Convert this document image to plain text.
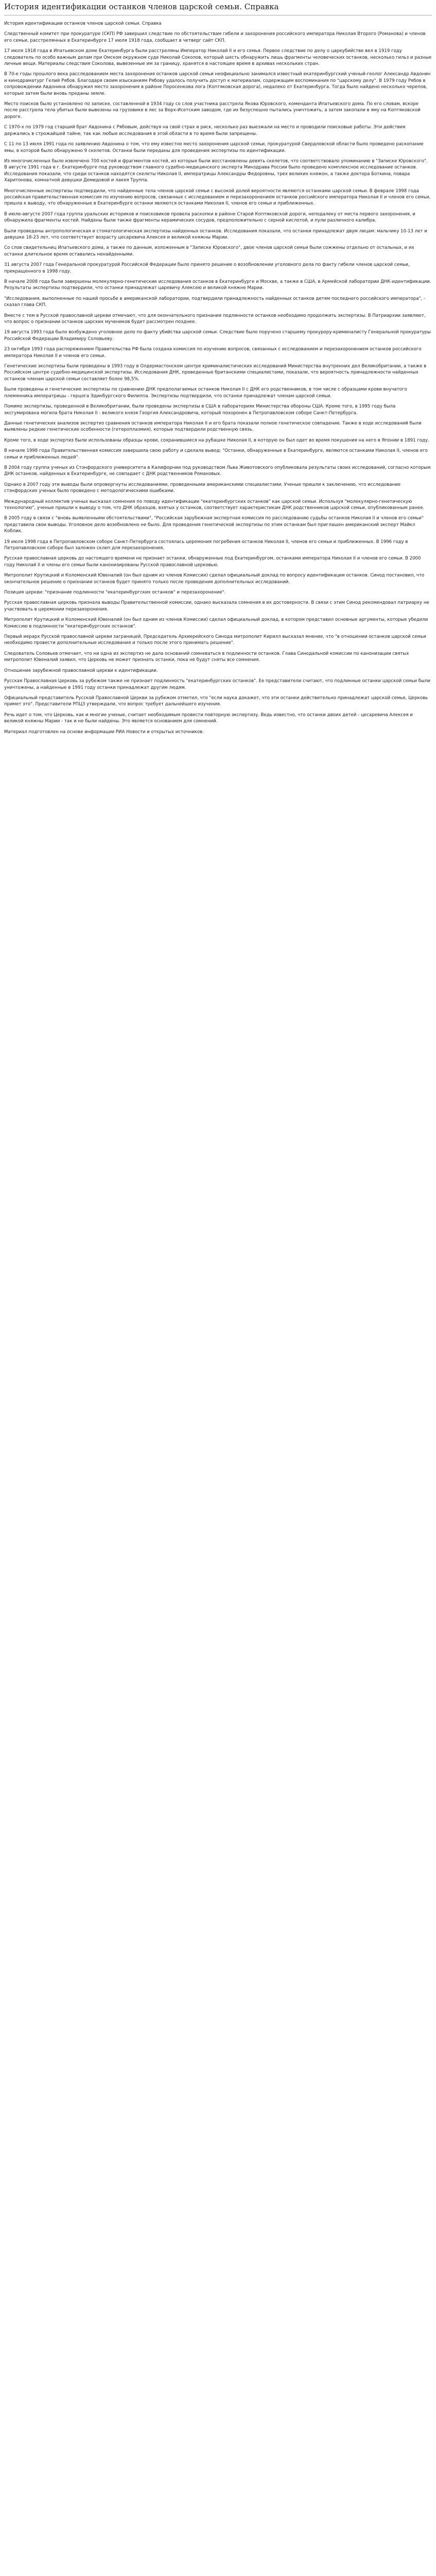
История идентификации останков членов царской семьи. Справка

История идентификации останков членов царской семьи. Справка

Следственный комитет при прокуратуре (СКП) РФ завершил следствие по обстоятельствам гибели и захоронения российского императора Николая Второго (Романова) и членов его семьи, расстрелянных в Екатеринбурге 17 июля 1918 года, сообщает в четверг сайт СКП.

17 июля 1918 года в Ипатьевском доме Екатеринбурга были расстреляны Император Николай II и его семья. Первое следствие по делу о цареубийстве вел в 1919 году следователь по особо важным делам при Омском окружном суде Николай Соколов, который шесть обнаружить лишь фрагменты человеческих останков, несколько гильз и разные личные вещи. Материалы следствия Соколова, вывезенные им за границу, хранятся в настоящее время в архивах нескольких стран.

В 70-е годы прошлого века расследованием места захоронения останков царской семьи неофициально занимался известный екатеринбургский ученый-геолог Александр Авдонин и кинодраматург Гелий Рябов. Благодаря своим изысканиям Рябову удалось получить доступ к материалам, содержащим воспоминания по "царскому делу". В 1979 году Рябов в сопровождении Авдонина обнаружил место захоронения в районе Поросенкова лога (Коптяковская дорога), недалеко от Екатеринбурга. Тогда было найдено несколько черепов, которые затем были вновь преданы земле.

Место поисков было установлено по записке, составленной в 1934 году со слов участника расстрела Якова Юровского, коменданта Ипатьевского дома. По его словам, вскоре после расстрела тела убитых были вывезены на грузовике в лес за Верх-Исетским заводом, где их безуспешно пытались уничтожить, а затем закопали в яму на Коптяковской дороге.

С 1970-х по 1979 год старший брат Авдонина с Рябовым, действуя на свой страх и риск, несколько раз выезжали на место и проводили поисковые работы. Эти действия держались в строжайшей тайне, так как любые исследования в этой области в то время были запрещены.

С 11 по 13 июля 1991 года по заявлению Авдонина о том, что ему известно место захоронения царской семьи, прокуратурой Свердловской области было проведено раскопание ямы, в которой было обнаружено 9 скелетов. Останки были переданы для проведения экспертизы по идентификации.

Из многочисленных было извлечено 700 костей и фрагментов костей, из которых были восстановлены девять скелетов, что соответствовало упоминанию в "Записке Юровского". В августе 1991 года в г. Екатеринбурге под руководством главного судебно-медицинского эксперта Минздрава России было проведено комплексное исследование останков. Исследования показали, что среди останков находятся скелеты Николая II, императрицы Александры Федоровны, трех великих княжон, а также доктора Боткина, повара Харитонова, комнатной девушки Демидовой и лакея Труппа.

Многочисленные экспертизы подтвердили, что найденные тела членов царской семьи с высокой долей вероятности являются останками царской семьи. В феврале 1998 года российская правительственная комиссия по изучению вопросов, связанных с исследованием и перезахоронением останков российского императора Николая II и членов его семьи, пришла к выводу, что обнаруженные в Екатеринбурге останки являются останками Николая II, членов его семьи и приближенных.

В июле-августе 2007 года группа уральских историков и поисковиков провела раскопки в районе Старой Коптяковской дороги, неподалеку от места первого захоронения, и обнаружила фрагменты костей. Найдены были также фрагменты керамических сосудов, предположительно с серной кислотой, и пули различного калибра.

Были проведены антропологическая и стоматологическая экспертизы найденных останков. Исследования показали, что останки принадлежат двум лицам: мальчику 10-13 лет и девушке 18-23 лет, что соответствует возрасту цесаревича Алексея и великой княжны Марии.

Со слов свидетельниц Ипатьевского дома, а также по данным, изложенным в "Записке Юровского", двое членов царской семьи были сожжены отдельно от остальных, и их останки длительное время оставались ненайденными.

31 августа 2007 года Генеральной прокуратурой Российской Федерации было принято решение о возобновлении уголовного дела по факту гибели членов царской семьи, прекращенного в 1998 году.

В начале 2008 года были завершены молекулярно-генетические исследования останков в Екатеринбурге и Москве, а также в США, в Армейской лаборатории ДНК-идентификации. Результаты экспертизы подтвердили, что останки принадлежат царевичу Алексею и великой княжне Марии.

"Исследования, выполненные по нашей просьбе в американской лаборатории, подтвердили принадлежность найденных останков детям последнего российского императора", - сказал глава СКП.

Вместе с тем в Русской православной церкви отмечают, что для окончательного признания подлинности останков необходимо продолжить экспертизы. В Патриархии заявляют, что вопрос о признании останков царских мучеников будет рассмотрен позднее.

19 августа 1993 года было возбуждено уголовное дело по факту убийства царской семьи. Следствие было поручено старшему прокурору-криминалисту Генеральной прокуратуры Российской Федерации Владимиру Соловьеву.

23 октября 1993 года распоряжением Правительства РФ была создана комиссия по изучению вопросов, связанных с исследованием и перезахоронением останков российского императора Николая II и членов его семьи.

Генетические экспертизы были проведены в 1993 году в Олдермастонском центре криминалистических исследований Министерства внутренних дел Великобритании, а также в Российском центре судебно-медицинской экспертизы. Исследования ДНК, проведенные британскими специалистами, показали, что вероятность принадлежности найденных останков членам царской семьи составляет более 98,5%.

Были проведены и генетические экспертизы по сравнению ДНК предполагаемых останков Николая II с ДНК его родственников, в том числе с образцами крови внучатого племянника императрицы - герцога Эдинбургского Филиппа. Экспертизы подтвердили, что останки принадлежат членам царской семьи.

Помимо экспертизы, проведенной в Великобритании, были проведены экспертизы в США в лабораториях Министерства обороны США. Кроме того, в 1995 году была эксгумирована могила брата Николая II - великого князя Георгия Александровича, который похоронен в Петропавловском соборе Санкт-Петербурга.

Данные генетических анализов экспертиз сравнения останков императора Николая II и его брата показали полное генетическое совпадение. Также в ходе исследований были выявлены редкие генетические особенности (гетероплазмия), которые подтвердили родственную связь.

Кроме того, в ходе экспертиз были использованы образцы крови, сохранившиеся на рубашке Николая II, в которую он был одет во время покушения на него в Японии в 1891 году.

В начале 1998 года Правительственная комиссия завершила свою работу и сделала вывод: "Останки, обнаруженные в Екатеринбурге, являются останками Николая II, членов его семьи и приближенных людей".

В 2004 году группа ученых из Стэнфордского университета в Калифорнии под руководством Льва Животовского опубликовала результаты своих исследований, согласно которым ДНК останков, найденных в Екатеринбурге, не совпадает с ДНК родственников Романовых.

Однако в 2007 году эти выводы были опровергнуты исследованиями, проведенными американскими специалистами. Ученые пришли к заключению, что исследование стэнфордских ученых было проведено с методологическими ошибками.

Международный коллектив ученых высказал сомнения по поводу идентификации "екатеринбургских останков" как царской семьи. Используя "молекулярно-генетическую технологию", ученые пришли к выводу о том, что ДНК образцов, взятых у останков, соответствует характеристикам ДНК родственников царской семьи, опубликованным ранее.

В 2005 году в связи с "вновь выявленными обстоятельствами", "Российская зарубежная экспертная комиссия по расследованию судьбы останков Николая II и членов его семьи" представила свои выводы. Уголовное дело возобновлено не было. Для проведения генетической экспертизы по этим останкам был приглашен американский эксперт Майкл Коблик.

19 июля 1998 года в Петропавловском соборе Санкт-Петербурга состоялась церемония погребения останков Николая II, членов его семьи и приближенных. В 1996 году в Петропавловском соборе был заложен склеп для перезахоронения.

Русская православная церковь до настоящего времени не признает останки, обнаруженные под Екатеринбургом, останками императора Николая II и членов его семьи. В 2000 году Николай II и члены его семьи были канонизированы Русской православной церковью.

Митрополит Крутицкий и Коломенский Ювеналий (он был одним из членов Комиссии) сделал официальный доклад по вопросу идентификации останков. Синод постановил, что окончательное решение о признании останков будет принято только после проведения дополнительных исследований.

Позиция церкви: "признание подлинности "екатеринбургских останков" и перезахоронение".

Русская православная церковь признала выводы Правительственной комиссии, однако высказала сомнения в их достоверности. В связи с этим Синод рекомендовал патриарху не участвовать в церемонии перезахоронения.

Митрополит Крутицкий и Коломенский Ювеналий (он был одним из членов Комиссии) сделал официальный доклад, в котором представил основные аргументы, которые убедили Комиссию в подлинности "екатеринбургских останков".

Первый иерарх Русской православной церкви заграницей, Председатель Архиерейского Синода митрополит Кирилл высказал мнение, что "в отношении останков царской семьи необходимо провести дополнительные исследования и только после этого принимать решение".

Следователь Соловьев отмечает, что ни одна из экспертиз не дала оснований сомневаться в подлинности останков. Глава Синодальной комиссии по канонизации святых митрополит Ювеналий заявил, что Церковь не может признать останки, пока не будут сняты все сомнения.

Отношение зарубежной православной церкви к идентификации.

Русская Православная Церковь за рубежом также не признает подлинность "екатеринбургских останков". Ее представители считают, что подлинные останки царской семьи были уничтожены, а найденные в 1991 году останки принадлежат другим людям.

Официальный представитель Русской Православной Церкви за рубежом отметил, что "если наука докажет, что эти останки действительно принадлежат царской семье, Церковь примет это". Представители РПЦЗ утверждали, что вопрос требует дальнейшего изучения.

Речь идет о том, что Церковь, как и многие ученые, считает необходимым провести повторную экспертизу. Ведь известно, что останки двоих детей - цесаревича Алексея и великой княжны Марии - так и не были найдены. Это является основанием для сомнений.

Материал подготовлен на основе информации РИА Новости и открытых источников.
